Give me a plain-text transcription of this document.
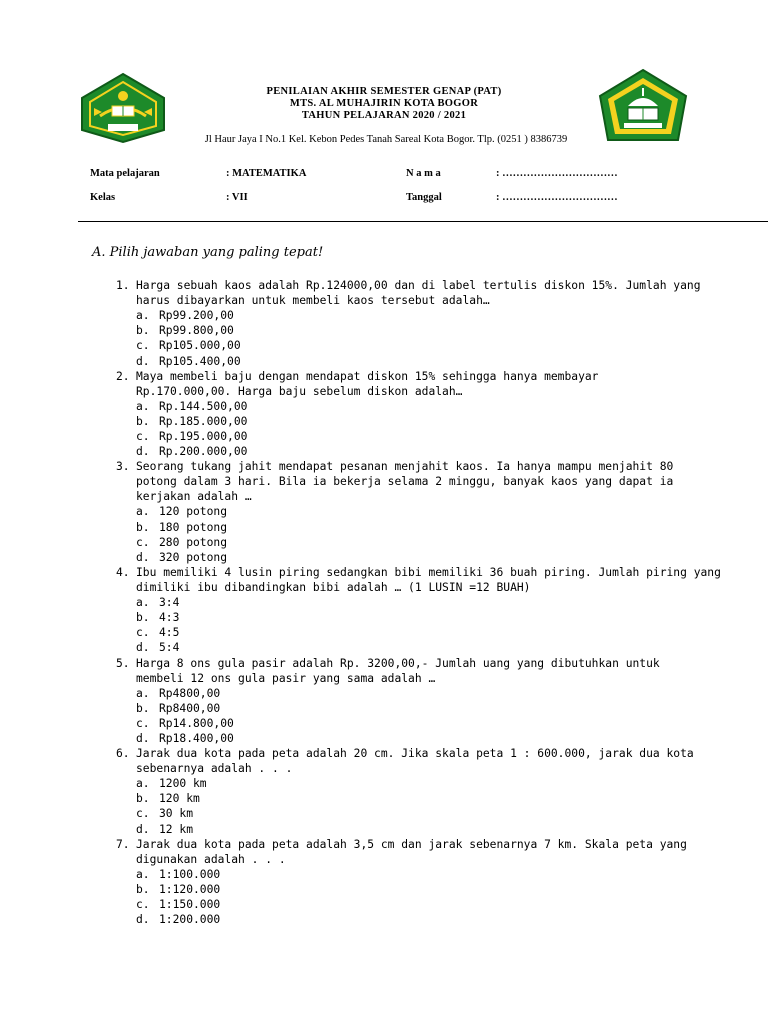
PENILAIAN AKHIR SEMESTER GENAP (PAT)
MTS. AL MUHAJIRIN KOTA BOGOR
TAHUN PELAJARAN 2020 / 2021
Jl Haur Jaya I No.1 Kel. Kebon Pedes Tanah Sareal Kota Bogor. Tlp. (0251 ) 8386739
Mata pelajaran	: MATEMATIKA	N a m a	: ……………………………
Kelas	: VII	Tanggal	: ……………………………
A. Pilih jawaban yang paling tepat!
1. Harga sebuah kaos adalah Rp.124000,00 dan di label tertulis diskon 15%. Jumlah yang
harus dibayarkan untuk membeli kaos tersebut adalah…
a. Rp99.200,00
b. Rp99.800,00
c. Rp105.000,00
d. Rp105.400,00
2. Maya membeli baju dengan mendapat diskon 15% sehingga hanya membayar
Rp.170.000,00. Harga baju sebelum diskon adalah…
a. Rp.144.500,00
b. Rp.185.000,00
c. Rp.195.000,00
d. Rp.200.000,00
3. Seorang tukang jahit mendapat pesanan menjahit kaos. Ia hanya mampu menjahit 80
potong dalam 3 hari. Bila ia bekerja selama 2 minggu, banyak kaos yang dapat ia
kerjakan adalah …
a. 120 potong
b. 180 potong
c. 280 potong
d. 320 potong
4. Ibu memiliki 4 lusin piring sedangkan bibi memiliki 36 buah piring. Jumlah piring yang
dimiliki ibu dibandingkan bibi adalah … (1 LUSIN =12 BUAH)
a. 3:4
b. 4:3
c. 4:5
d. 5:4
5. Harga 8 ons gula pasir adalah Rp. 3200,00,- Jumlah uang yang dibutuhkan untuk
membeli 12 ons gula pasir yang sama adalah …
a. Rp4800,00
b. Rp8400,00
c. Rp14.800,00
d. Rp18.400,00
6. Jarak dua kota pada peta adalah 20 cm. Jika skala peta 1 : 600.000, jarak dua kota
sebenarnya adalah . . .
a. 1200 km
b. 120 km
c. 30 km
d. 12 km
7. Jarak dua kota pada peta adalah 3,5 cm dan jarak sebenarnya 7 km. Skala peta yang
digunakan adalah . . .
a. 1:100.000
b. 1:120.000
c. 1:150.000
d. 1:200.000
